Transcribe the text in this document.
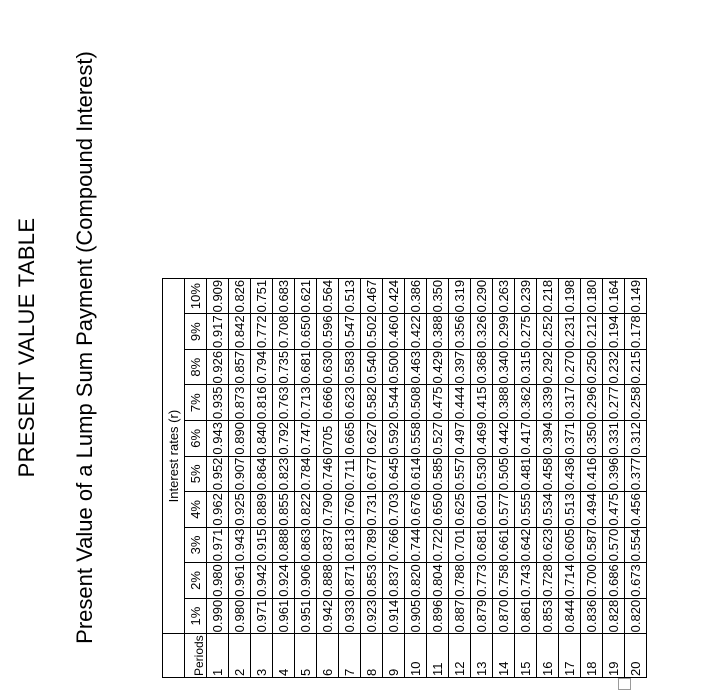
PRESENT VALUE TABLE Present Value of a Lump Sum Payment (Compound Interest)
		Interest rates (r)									
Periods	1%	2%	3%	4%	5%	6%	7%	8%	9%	10%
1	0.990	0.980	0.971	0.962	0.952	0.943	0.935	0.926	0.917	0.909
2	0.980	0.961	0.943	0.925	0.907	0.890	0.873	0.857	0.842	0.826
3	0.971	0.942	0.915	0.889	0.864	0.840	0.816	0.794	0.772	0.751
4	0.961	0.924	0.888	0.855	0.823	0.792	0.763	0.735	0.708	0.683
5	0.951	0.906	0.863	0.822	0.784	0.747	0.713	0.681	0.650	0.621
6	0.942	0.888	0.837	0.790	0.746	0705	0.666	0.630	0.596	0.564
7	0.933	0.871	0.813	0.760	0.711	0.665	0.623	0.583	0.547	0.513
8	0.923	0.853	0.789	0.731	0.677	0.627	0.582	0.540	0.502	0.467
9	0.914	0.837	0.766	0.703	0.645	0.592	0.544	0.500	0.460	0.424
10	0.905	0.820	0.744	0.676	0.614	0.558	0.508	0.463	0.422	0.386
11	0.896	0.804	0.722	0.650	0.585	0.527	0.475	0.429	0.388	0.350
12	0.887	0.788	0.701	0.625	0.557	0.497	0.444	0.397	0.356	0.319
13	0.879	0.773	0.681	0.601	0.530	0.469	0.415	0.368	0.326	0.290
14	0.870	0.758	0.661	0.577	0.505	0.442	0.388	0.340	0.299	0.263
15	0.861	0.743	0.642	0.555	0.481	0.417	0.362	0.315	0.275	0.239
16	0.853	0.728	0.623	0.534	0.458	0.394	0.339	0.292	0.252	0.218
17	0.844	0.714	0.605	0.513	0.436	0.371	0.317	0.270	0.231	0.198
18	0.836	0.700	0.587	0.494	0.416	0.350	0.296	0.250	0.212	0.180
19	0.828	0.686	0.570	0.475	0.396	0.331	0.277	0.232	0.194	0.164
20	0.820	0.673	0.554	0.456	0.377	0.312	0.258	0.215	0.178	0.149
